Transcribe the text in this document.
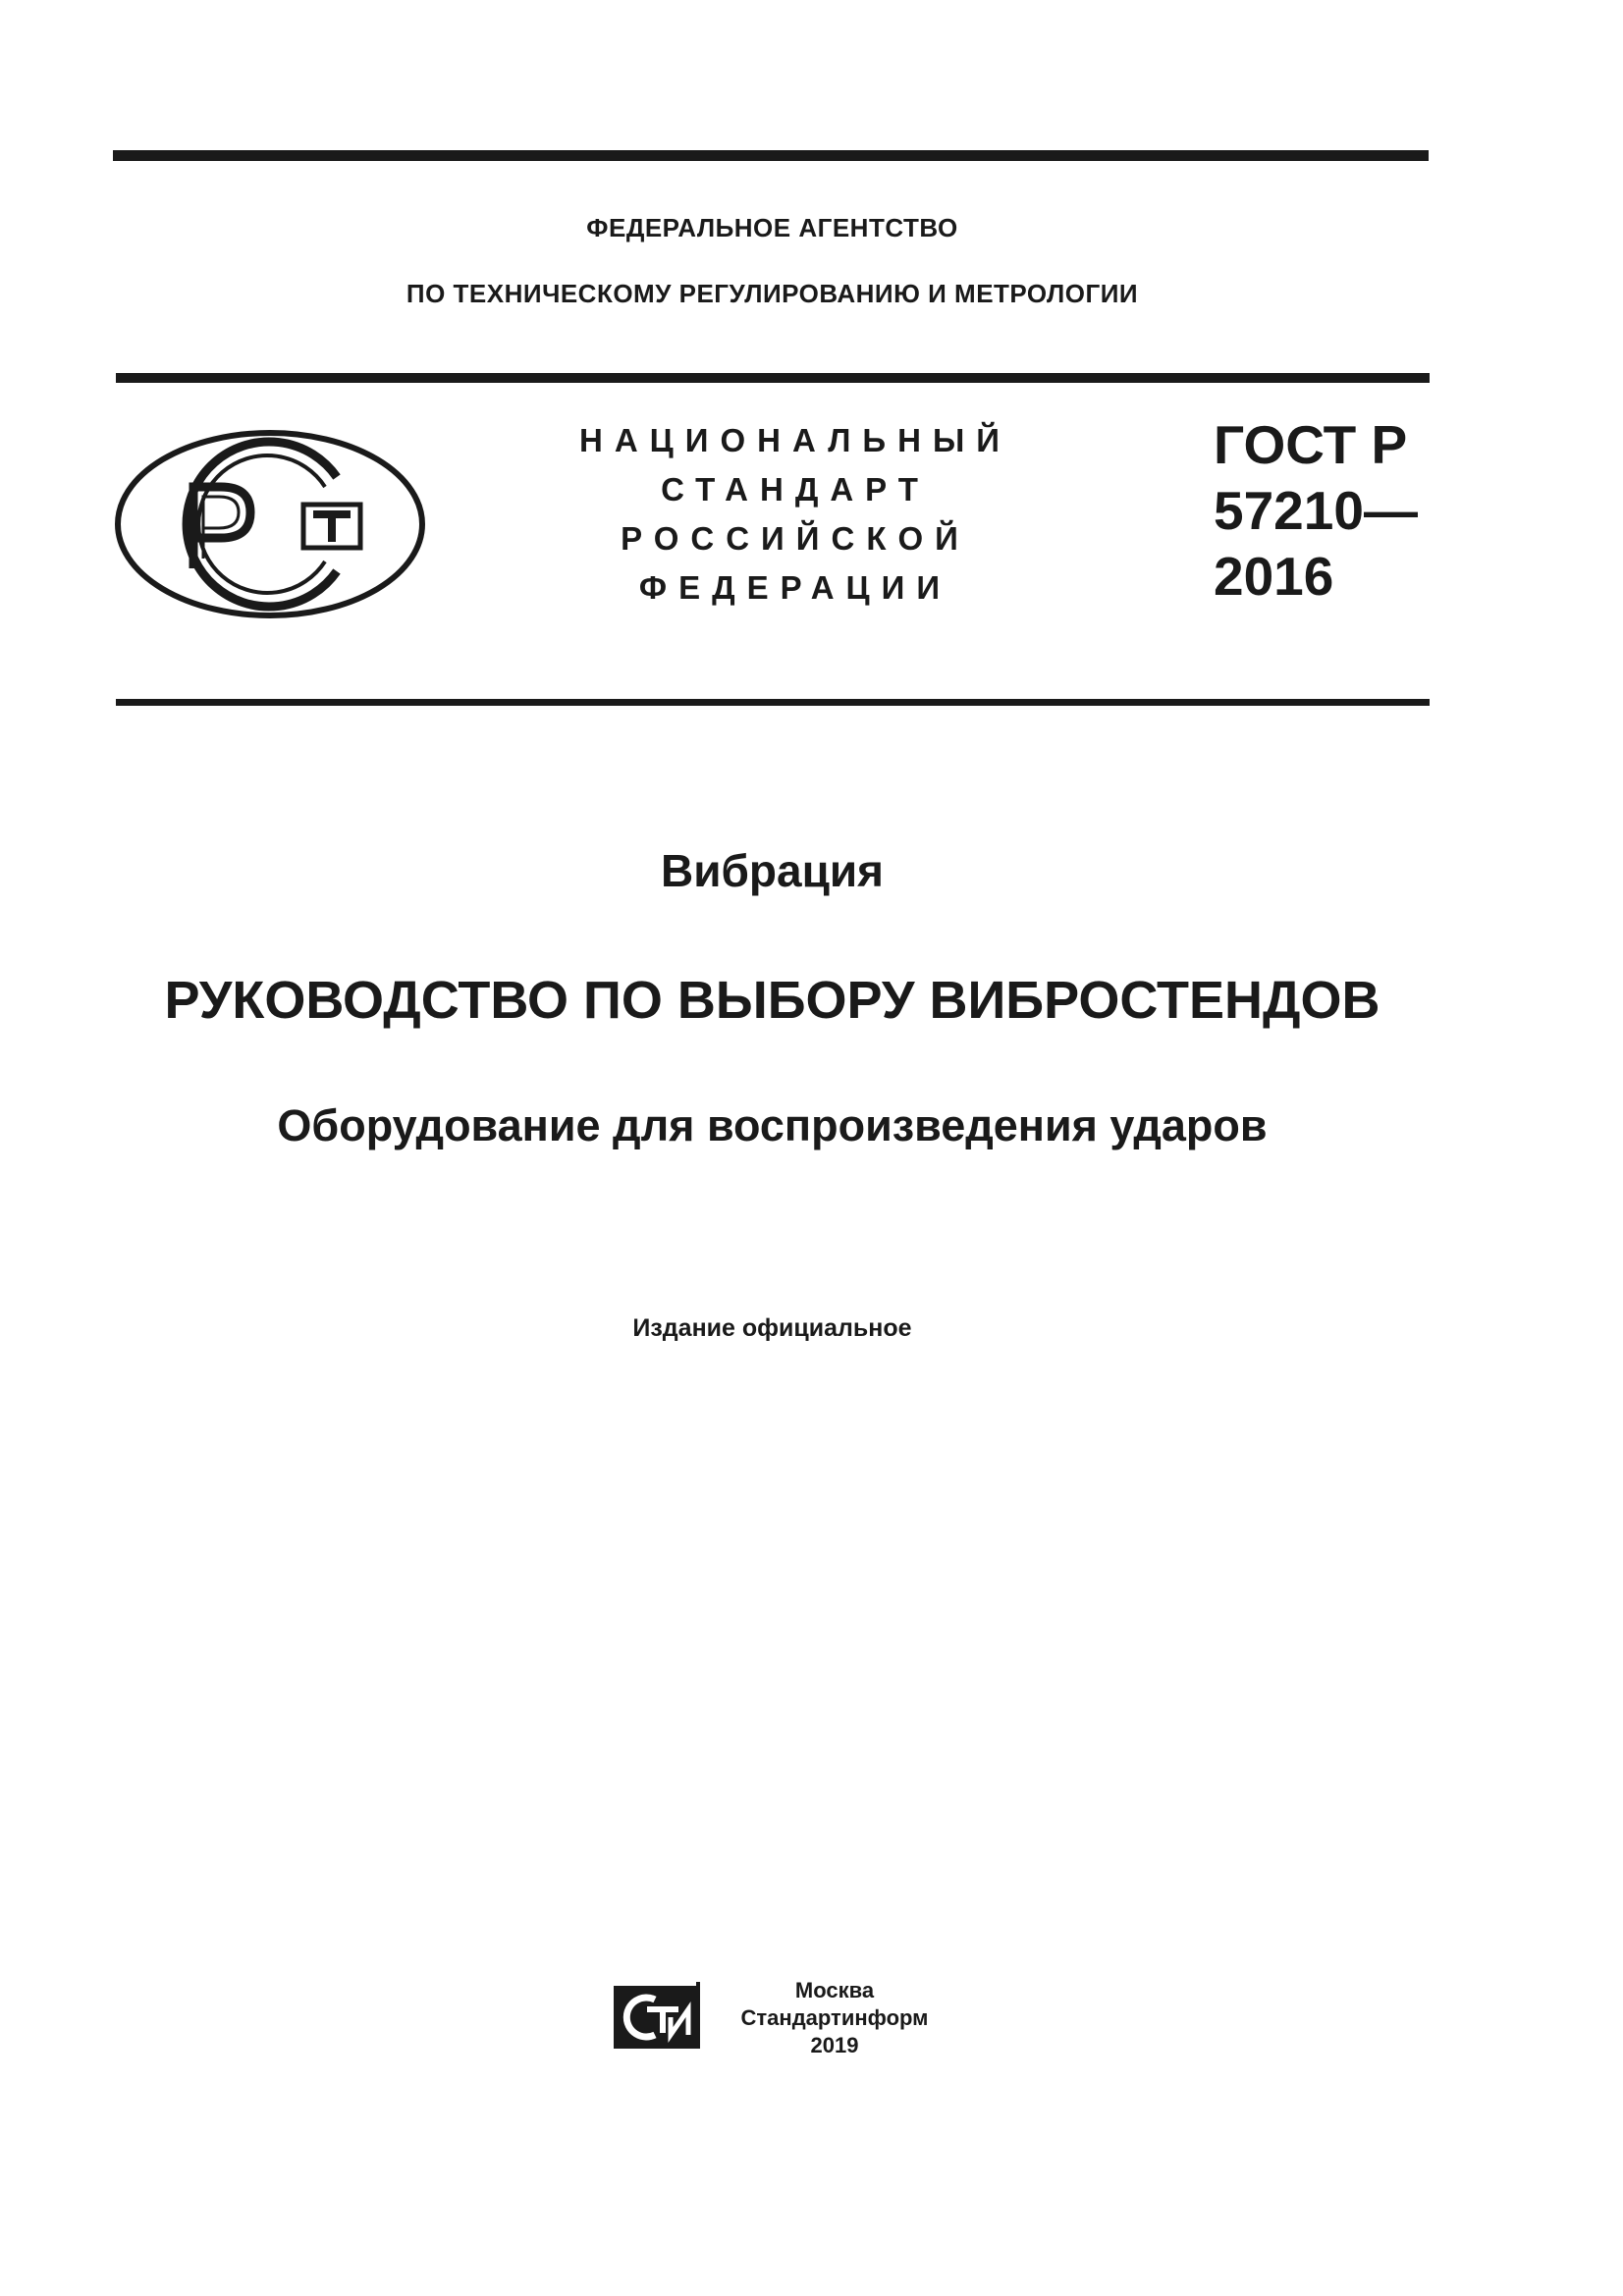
ФЕДЕРАЛЬНОЕ АГЕНТСТВО
ПО ТЕХНИЧЕСКОМУ РЕГУЛИРОВАНИЮ И МЕТРОЛОГИИ
НАЦИОНАЛЬНЫЙ
СТАНДАРТ
РОССИЙСКОЙ
ФЕДЕРАЦИИ
ГОСТ Р
57210—
2016
Вибрация
РУКОВОДСТВО ПО ВЫБОРУ ВИБРОСТЕНДОВ
Оборудование для воспроизведения ударов
Издание официальное
Москва
Стандартинформ
2019
